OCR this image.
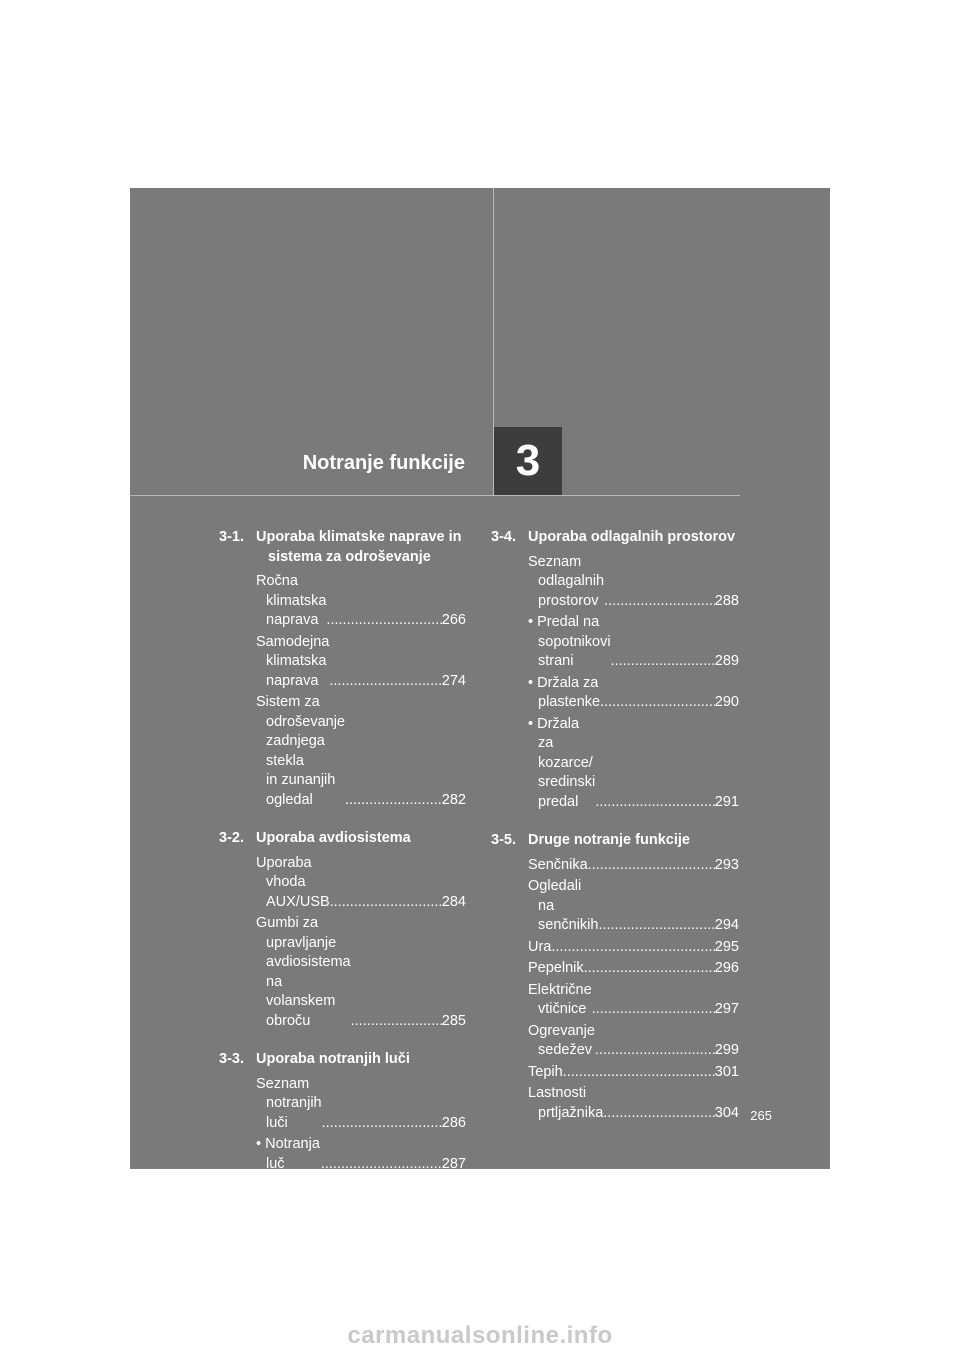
Notranje funkcije	3
3-1. Uporaba klimatske naprave in sistema za odroševanje
Ročna klimatska naprava .....	266
Samodejna
klimatska naprava .....	274
Sistem za odroševanje
zadnjega stekla
in zunanjih ogledal .....	282
3-2. Uporaba avdiosistema
Uporaba
vhoda AUX/USB .....	284
Gumbi za upravljanje
avdiosistema
na volanskem obroču .....	285
3-3. Uporaba notranjih luči
Seznam notranjih luči .....	286
• Notranja luč .....	287
3-4. Uporaba odlagalnih prostorov
Seznam
odlagalnih prostorov .....	288
• Predal na
sopotnikovi strani .....	289
• Držala za plastenke .....	290
• Držala za kozarce/
sredinski predal .....	291
3-5. Druge notranje funkcije
Senčnika .....	293
Ogledali na senčnikih .....	294
Ura .....	295
Pepelnik .....	296
Električne vtičnice .....	297
Ogrevanje sedežev .....	299
Tepih .....	301
Lastnosti prtljažnika .....	304 265
carmanualsonline.info
